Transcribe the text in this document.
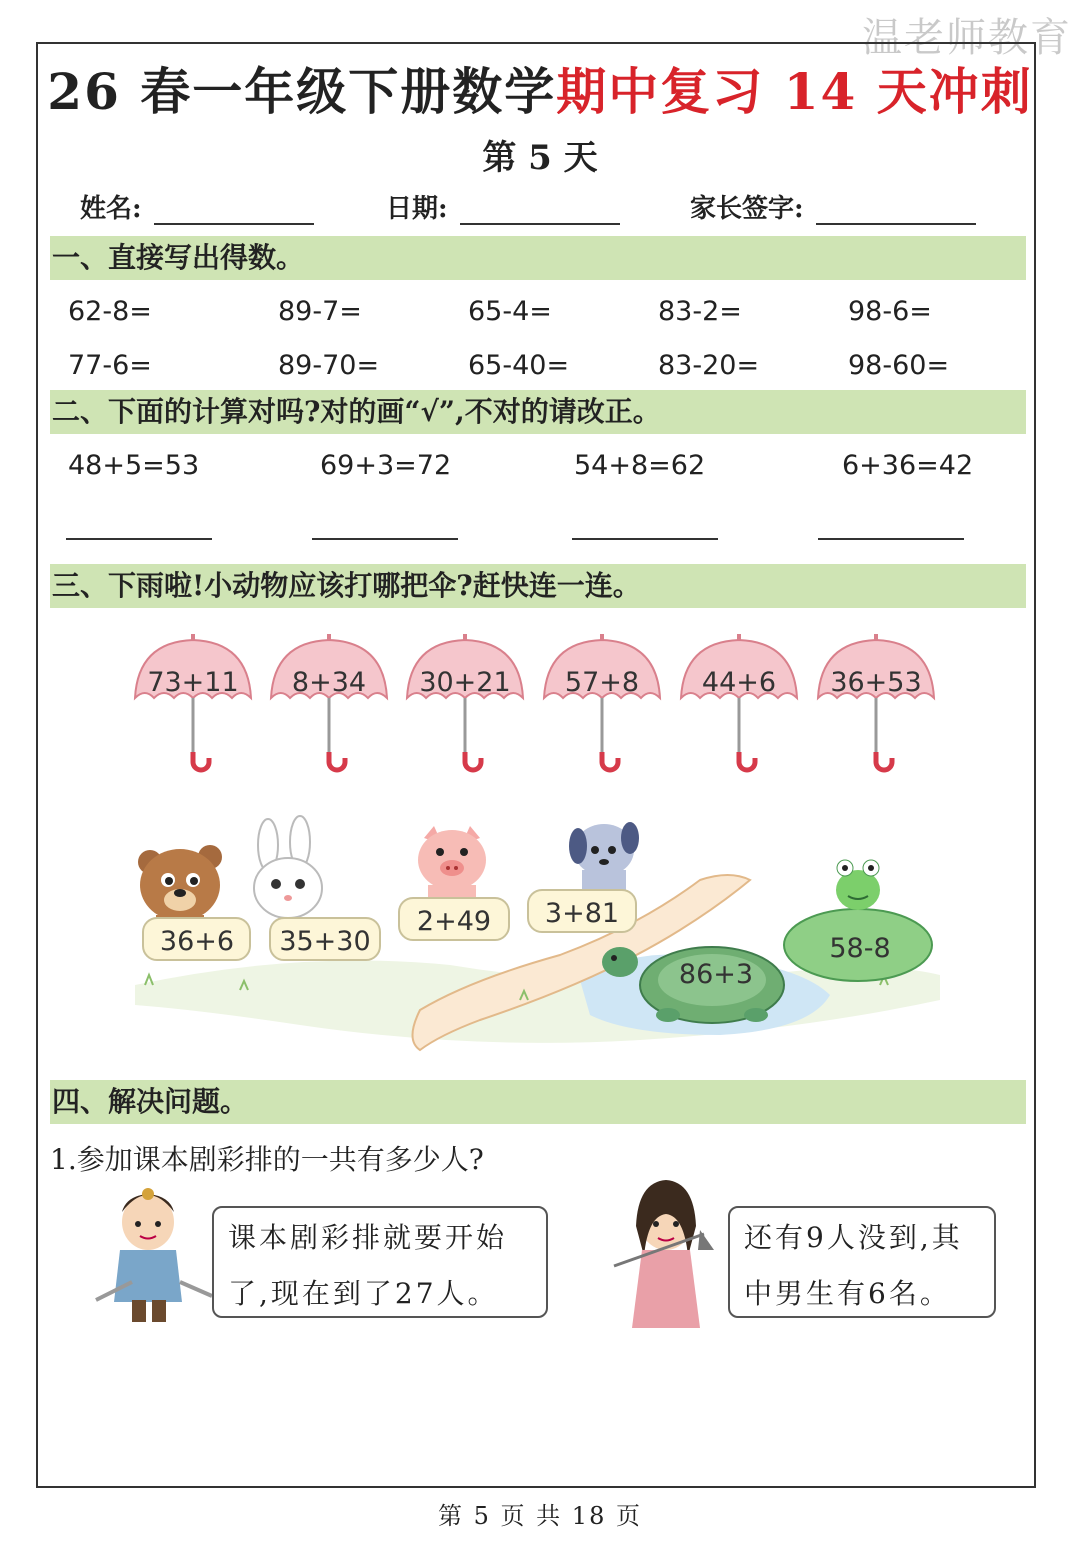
温老师教育
26 春一年级下册数学期中复习 14 天冲刺
第 5 天
姓名:	日期:	家长签字:
一、直接写出得数。
62-8=	89-7=	65-4=	83-2=	98-6=
77-6=	89-70=	65-40=	83-20=	98-60=
二、下面的计算对吗?对的画“√”,不对的请改正。
48+5=53	69+3=72	54+8=62	6+36=42
三、下雨啦!小动物应该打哪把伞?赶快连一连。
73+11 8+34 30+21 57+8 44+6 36+53
36+6 35+30
2+49 3+81
86+3
58-8
四、解决问题。
1.参加课本剧彩排的一共有多少人?
课本剧彩排就要开始
了,现在到了27人。
还有9人没到,其
中男生有6名。
第 5 页 共 18 页
